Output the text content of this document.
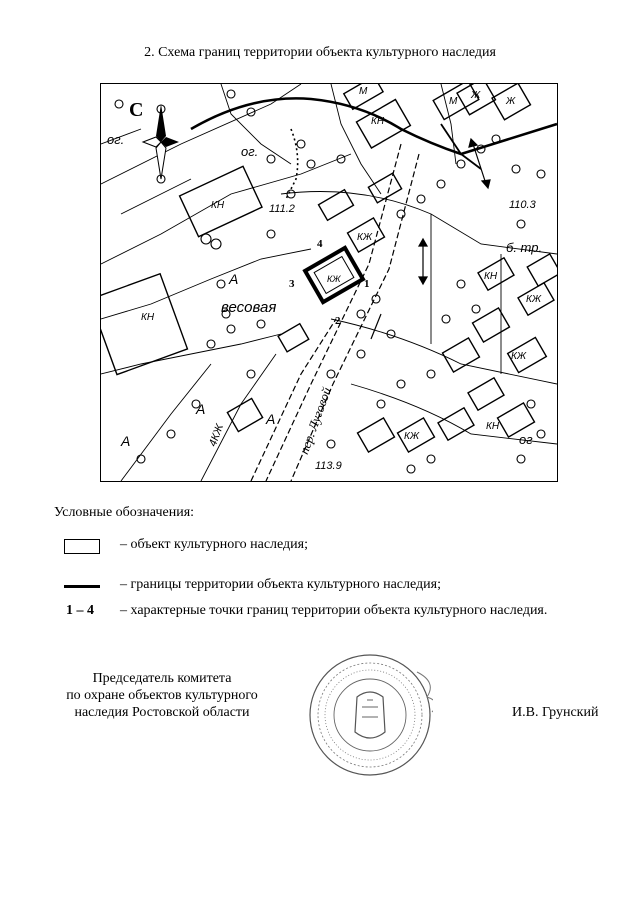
2. Схема границ территории объекта культурного наследия
КЖ 1
2
3
4
С
ог.
ог.
ог
КН
КН
КН
КН
КН
КЖ
КЖ
КЖ
КЖ
М
М
Ж
Ж
111.2	110.3
113.9
б. тр.
весовая
А
А
А
А
4КЖ	пер. Луговой
Условные обозначения:
– объект культурного наследия;
– границы территории объекта культурного наследия;
1 – 4 – характерные точки границ территории объекта культурного наследия.
Председатель комитета
по охране объектов культурного
наследия Ростовской области	И.В. Грунский
